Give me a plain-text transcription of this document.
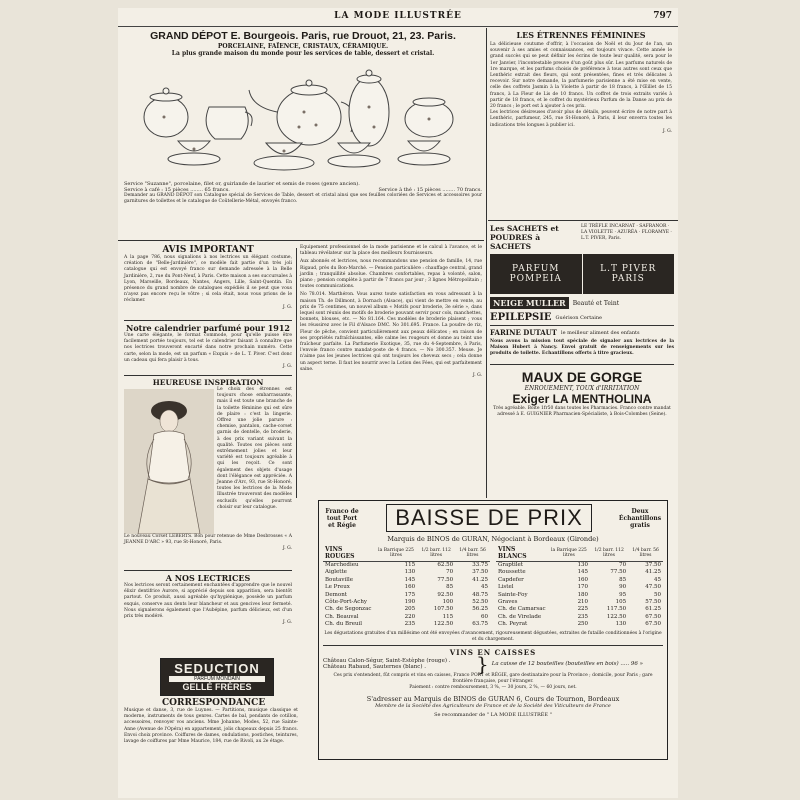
LA MODE ILLUSTRÉE	797
GRAND DÉPOT E. Bourgeois. Paris, rue Drouot, 21, 23. Paris.
PORCELAINE, FAÏENCE, CRISTAUX, CÉRAMIQUE.
La plus grande maison du monde pour les services de table, dessert et cristal.
Service "Suzanne", porcelaine, filet or, guirlande de laurier et semis de roses (genre ancien).
Service à café : 15 pièces ........ 65 francs.	Service à thé : 15 pièces ........ 70 francs.
Demander au GRAND DÉPOT son Catalogue spécial de Services de Table, dessert et cristal ainsi que ses feuilles coloriées de Services et accessoires pour garnitures de toilettes et le catalogue de Coûtellerie-Métal, envoyés franco.
LES ÉTRENNES FÉMININES
La délicieuse coutume d'offrir, à l'occasion de Noël et du Jour de l'an, un souvenir à ses amies et connaissances, est toujours vivace. Cette année le grand succès qui se peut définir les écrins de toute leur qualité, sera pour le 1er Janvier, l'incontestable preuve d'un goût plus sûr. Les parfums naturels de 1re marque, et les parfums choisis de préférence à tous autres sont ceux que Lenthéric extrait des fleurs, qui sont présentées, fines et très délicates à recevoir. Sur notre demande, la parfumerie parisienne a été mise en vente, celle des coffrets Jasmin à la Violette à partir de 18 francs, à l'Œillet de 15 francs, à La Fleur de Lis de 10 francs. Un coffret de trois extraits variés à partir de 18 francs, et le coffret du mystérieux Parfum de la Danse au prix de 20 francs ; le port est à ajouter à ces prix.
Les lectrices désireuses d'avoir plus de détails, peuvent écrire de notre part à Lenthéric, parfumeur, 245, rue St-Honoré, à Paris, il leur enverra toutes les indications très longues à publier ici.
J. G.
AVIS IMPORTANT
A la page 786, nous signalions à nos lectrices un élégant costume, création de "Belle-Jardinière", ce modèle fait partie d'un très joli catalogue qui est envoyé franco sur demande adressée à la Belle Jardinière, 2, rue du Pont-Neuf, à Paris. Cette maison a ses succursales à Lyon, Marseille, Bordeaux, Nantes, Angers, Lille, Saint-Quentin. En présence du grand nombre de catalogues expédiés il se peut que vous n'ayez pas encore reçu le vôtre ; si cela était, nous vous prions de le réclamer.
J. G.
Notre calendrier parfumé pour 1912
Une carte élégante, le format commode, pour qu'elle puisse être facilement portée toujours, tel est le calendrier faisant à connaître que nos lectrices trouveront encarté dans notre prochain numéro. Cette carte, selon la mode, est un parfum « Exquis » de L. T. Piver. C'est donc un cadeau qui fera plaisir à tous.
J. G.
HEUREUSE INSPIRATION
Le choix des étrennes est toujours chose embarrassante, mais il est toute une branche de la toilette féminine qui est sûre de plaire : c'est la lingerie. Offrez une jolie parure : chemise, pantalon, cache-corset garnis de dentelle, de broderie, à des prix variant suivant la qualité. Toutes ces pièces sont extrêmement jolies et leur variété est toujours agréable à qui les reçoit. Ce sont également des objets d'usage dont l'élégance est appréciée. A Jeanne d'Arc, 93, rue St-Honoré, toutes les lectrices de la Mode Illustrée trouveront des modèles exclusifs qu'elles pourront choisir sur leur catalogue.
Le nouveau Corset LEBERTS. Bon pour retenue de Mme Desbrosses « A JEANNE D'ARC » 93, rue St-Honoré, Paris.
J. G.
A NOS LECTRICES
Nos lectrices seront certainement enchantées d'apprendre que le nouvel élixir dentifrice Aurore, si apprécié depuis son apparition, sera bientôt partout. Ce produit, aussi agréable qu'hygiénique, possède un parfum exquis, conserve aux dents leur blancheur et aux gencives leur fermeté. Nous signalerons également que l'Aubépine, parfum délicieux, est d'un prix très modéré.
J. G.
SEDUCTION
PARFUM MONDAIN
GELLÉ FRÈRES
CORRESPONDANCE
Musique et danse, 3, rue de Luynes. — Partitions, musique classique et moderne, instruments de tous genres. Cartes de bal, pendants de cotillon, accessoires, renvoyer vos anciens. Mme Johanne, Modes, 52, rue Sainte-Anne (Avenue de l'Opéra) en appartement, jolis chapeaux depuis 25 francs. Envoi choix province. Coiffures de dames, ondulations, postiches, teintures, lavage de coiffures par Mme Maurice, 184, rue de Rivoli, au 2e étage.
Equipement professionnel de la mode parisienne et le calcul à l'avance, et le tableau révélateur sur la place des meilleurs fournisseurs.
Aux abonnés et lectrices, nous recommandons une pension de famille, 14, rue Rigaud, près du Bon-Marché. — Pension particulière : chauffage central, grand jardin ; tranquillité absolue. Chambres confortables, repas à volonté, salon, piano ; pension complète à partir de 7 francs par jour ; 3 lignes Métropolitain ; toutes communications.
No 78.014. Marthéron. Vous aurez toute satisfaction en vous adressant à la maison Th. de Dillmont, à Dornach (Alsace), qui vient de mettre en vente, au prix de 75 centimes, un nouvel album « Motifs pour broderie, 3e série », dans lequel sont réunis des motifs de broderie pouvant servir pour cols, manchettes, bonnets, blouses, etc. — No 81.164. Ces modèles de broderie plaisent ; vous les réussirez avec le Fil d'Alsace DMC. No 301.695. France. La poudre de riz, Fleur de pêche, convient particulièrement aux peaux délicates ; en raison de ses propriétés rafraîchissantes, elle calme les rougeurs et donne au teint une fraîcheur parfaite. La Parfumerie Exotique, 35, rue du 4-Septembre, à Paris, l'envoie franco contre mandat-poste de 4 francs. — No 300.357. Meuse. Je n'aime pas les jeunes lectrices qui ont toujours les cheveux secs ; cela donne un aspect terne. Il faut les nourrir avec la Lotion des Fées, qui est parfaitement saine.
J. G.
Les SACHETS et POUDRES à SACHETS
LE TRÈFLE INCARNAT · SAFRANOR · LA VIOLETTE · AZURÉA · FLORAMYE · L.T. PIVER, Paris.
PARFUM POMPEIA
L.T PIVER PARIS
NEIGE MULLER	Beauté et Teint
EPILEPSIE Guérison Certaine
FARINE DUTAUT le meilleur aliment des enfants
Nous avons la mission tout spéciale de signaler aux lectrices de la Maison Hubert à Nancy. Envoi gratuit de renseignements sur les produits de toilette. Echantillons offerts à titre gracieux.
MAUX DE GORGE
ENROUEMENT, TOUX d'IRRITATION
Exiger LA MENTHOLINA
Très agréable. Boîte 1fr50 dans toutes les Pharmacies. Franco contre mandat adressé à E. GUIGNIER Pharmacien-Spécialiste, à Bois-Colombes (Seine).
Franco de tout Port et Régie	BAISSE DE PRIX	Deux Échantillons gratis
Marquis de BINOS de GURAN, Négociant à Bordeaux (Gironde)
VINS ROUGES	la Barrique 225 litres	1/2 barr. 112 litres	1/4 barr. 56 litres
Marchedieu	115	62.50	33.75
Aiglette	130	70	37.50
Boutaville	145	77.50	41.25
Le Preux	160	85	45
Demont	175	92.50	48.75
Côte-Port-Achy	190	100	52.50
Ch. de Segonzac	205	107.50	56.25
Ch. Beauval	220	115	60
Ch. du Breuil	235	122.50	63.75
VINS BLANCS	la Barrique 225 litres	1/2 barr. 112 litres	1/4 barr. 56 litres
Graptilet	130	70	37.50
Roussette	145	77.50	41.25
Capdefer	160	85	45
Listel	170	90	47.50
Sainte-Foy	180	95	50
Graves	210	105	57.50
Ch. de Camarsac	225	117.50	61.25
Ch. de Virelade	235	122.50	67.50
Ch. Peyrat	250	130	67.50
Les dégustations gratuites d'un millésime ont été envoyées d'avancement, rigoureusement dégustées, extraites de futaille conditionnées à l'origine et du chargement.
VINS EN CAISSES
Château Calon-Ségur, Saint-Estèphe (rouge) .
Château Rabaud, Sauternes (blanc) .	} La caisse de 12 bouteilles (bouteilles en bois) ..... 96 »
Ces prix s'entendent, fût compris et vins en caisses, Franco PORT et RÉGIE, gare destinataire pour la Province ; domicile, pour Paris ; gare frontière française, pour l'étranger.
Paiement : contre remboursement, 3 %, — 30 jours, 2 %, — 60 jours, net.
S'adresser au Marquis de BINOS de GURAN 6, Cours de Tournon, Bordeaux
Membre de la Société des Agriculteurs de France et de la Société des Viticulteurs de France
Se recommander de " LA MODE ILLUSTRÉE "
